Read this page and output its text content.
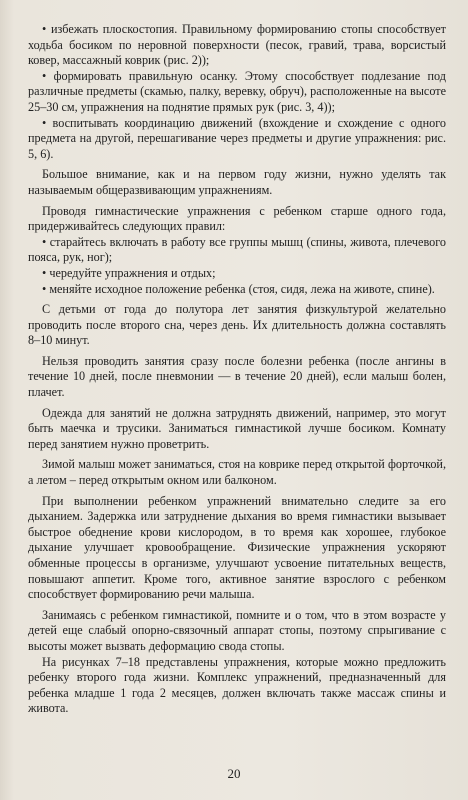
• избежать плоскостопия. Правильному формированию стопы способствует ходьба босиком по неровной поверхности (песок, гравий, трава, ворсистый ковер, массажный коврик (рис. 2));

• формировать правильную осанку. Этому способствует подлезание под различные предметы (скамью, палку, веревку, обруч), расположенные на высоте 25–30 см, упражнения на поднятие прямых рук (рис. 3, 4));

• воспитывать координацию движений (вхождение и схождение с одного предмета на другой, перешагивание через предметы и другие упражнения: рис. 5, 6).

Большое внимание, как и на первом году жизни, нужно уделять так называемым общеразвивающим упражнениям.

Проводя гимнастические упражнения с ребенком старше одного года, придерживайтесь следующих правил:

• старайтесь включать в работу все группы мышц (спины, живота, плечевого пояса, рук, ног);

• чередуйте упражнения и отдых;

• меняйте исходное положение ребенка (стоя, сидя, лежа на животе, спине).

С детьми от года до полутора лет занятия физкультурой желательно проводить после второго сна, через день. Их длительность должна составлять 8–10 минут.

Нельзя проводить занятия сразу после болезни ребенка (после ангины в течение 10 дней, после пневмонии — в течение 20 дней), если малыш болен, плачет.

Одежда для занятий не должна затруднять движений, например, это могут быть маечка и трусики. Заниматься гимнастикой лучше босиком. Комнату перед занятием нужно проветрить.

Зимой малыш может заниматься, стоя на коврике перед открытой форточкой, а летом – перед открытым окном или балконом.

При выполнении ребенком упражнений внимательно следите за его дыханием. Задержка или затруднение дыхания во время гимнастики вызывает быстрое обеднение крови кислородом, в то время как хорошее, глубокое дыхание улучшает кровообращение. Физические упражнения ускоряют обменные процессы в организме, улучшают усвоение питательных веществ, повышают аппетит. Кроме того, активное занятие взрослого с ребенком способствует формированию речи малыша.

Занимаясь с ребенком гимнастикой, помните и о том, что в этом возрасте у детей еще слабый опорно-связочный аппарат стопы, поэтому спрыгивание с высоты может вызвать деформацию свода стопы.

На рисунках 7–18 представлены упражнения, которые можно предложить ребенку второго года жизни. Комплекс упражнений, предназначенный для ребенка младше 1 года 2 месяцев, должен включать также массаж спины и живота.

20
